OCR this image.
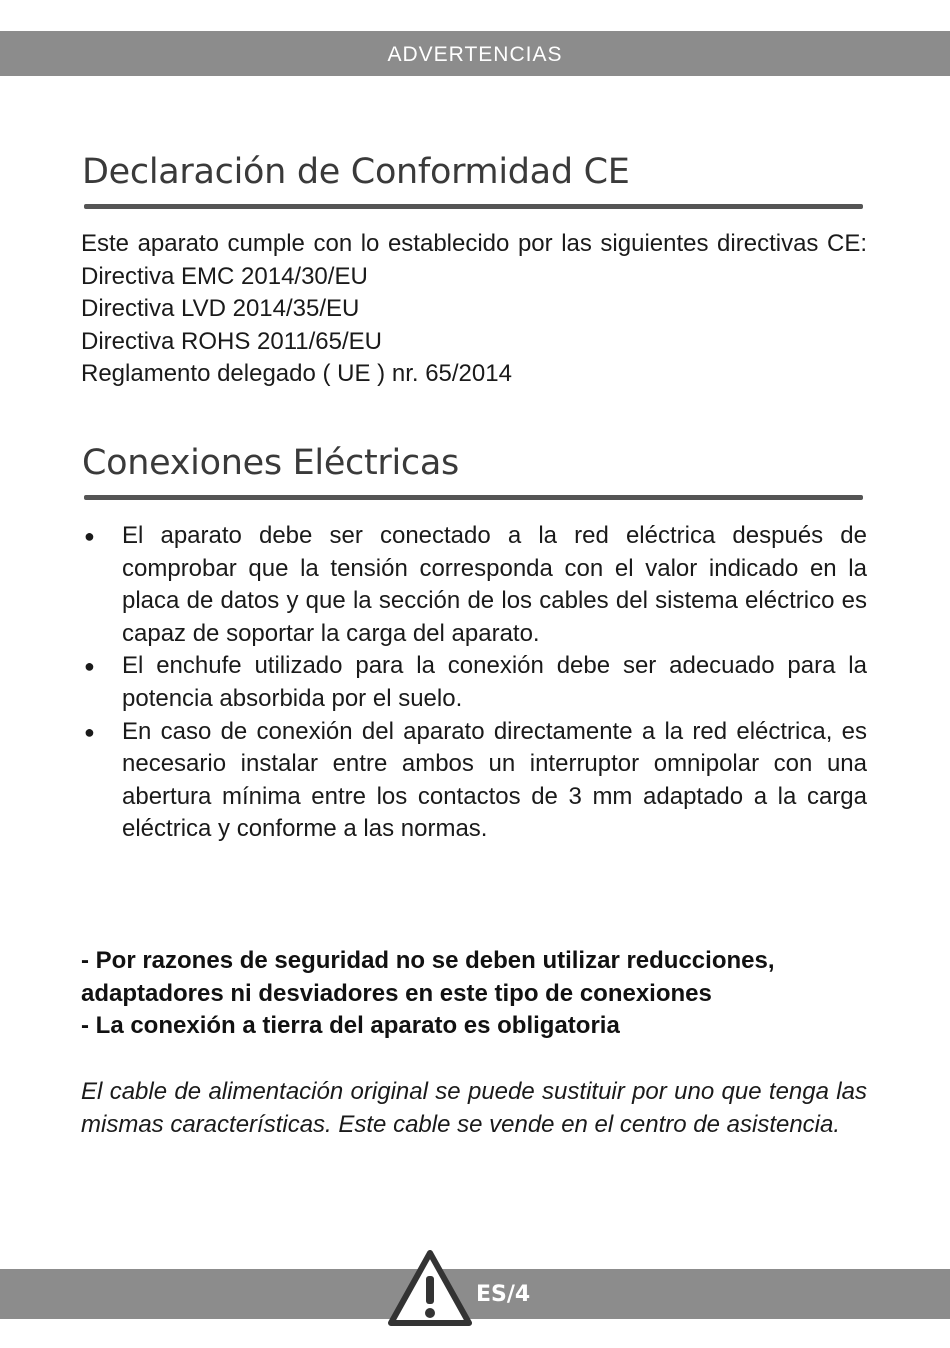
ADVERTENCIAS
Declaración de Conformidad CE
Este aparato cumple con lo establecido por las siguientes directivas CE:
Directiva EMC 2014/30/EU
Directiva LVD 2014/35/EU
Directiva ROHS 2011/65/EU
Reglamento delegado ( UE ) nr. 65/2014
Conexiones Eléctricas
● El aparato debe ser conectado a la red eléctrica después de comprobar que la tensión corresponda con el valor indicado en la placa de datos y que la sección de los cables del sistema eléctrico es capaz de soportar la carga del aparato.
● El enchufe utilizado para la conexión debe ser adecuado para la potencia absorbida por el suelo.
● En caso de conexión del aparato directamente a la red eléctrica, es necesario instalar entre ambos un interruptor omnipolar con una abertura mínima entre los contactos de 3 mm adaptado a la carga eléctrica y conforme a las normas.
- Por razones de seguridad no se deben utilizar reducciones, adaptadores ni desviadores en este tipo de conexiones
- La conexión a tierra del aparato es obligatoria
El cable de alimentación original se puede sustituir por uno que tenga las mismas características. Este cable se vende en el centro de asistencia.
ES/4
